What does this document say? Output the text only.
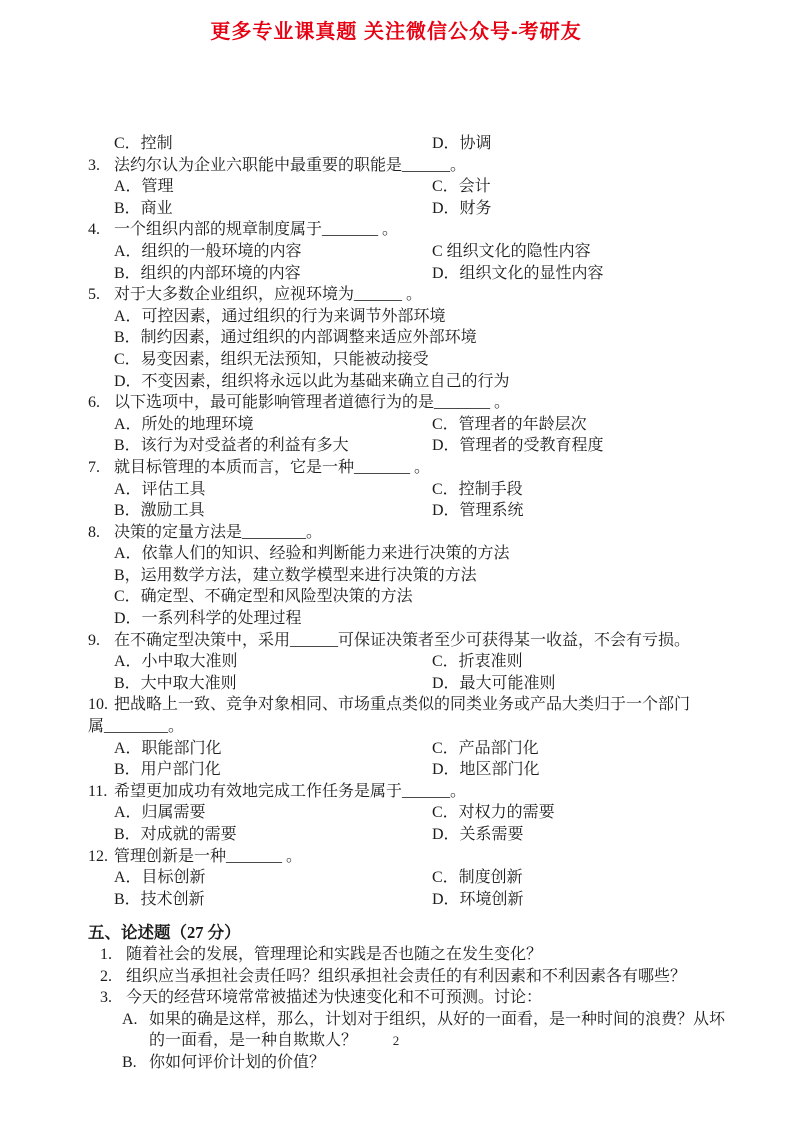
更多专业课真题 关注微信公众号-考研友
C．控制	D．协调
3. 法约尔认为企业六职能中最重要的职能是______。
A．管理	C．会计
B．商业	D．财务
4. 一个组织内部的规章制度属于_______ 。
A．组织的一般环境的内容	C 组织文化的隐性内容
B．组织的内部环境的内容	D．组织文化的显性内容
5. 对于大多数企业组织，应视环境为______ 。
A．可控因素，通过组织的行为来调节外部环境
B．制约因素，通过组织的内部调整来适应外部环境
C．易变因素，组织无法预知，只能被动接受
D．不变因素，组织将永远以此为基础来确立自己的行为
6. 以下选项中，最可能影响管理者道德行为的是_______ 。
A．所处的地理环境	C．管理者的年龄层次
B．该行为对受益者的利益有多大	D．管理者的受教育程度
7. 就目标管理的本质而言，它是一种_______ 。
A．评估工具	C．控制手段
B．激励工具	D．管理系统
8. 决策的定量方法是________。
A．依靠人们的知识、经验和判断能力来进行决策的方法
B，运用数学方法，建立数学模型来进行决策的方法
C．确定型、不确定型和风险型决策的方法
D．一系列科学的处理过程
9. 在不确定型决策中，采用______可保证决策者至少可获得某一收益，不会有亏损。
A．小中取大准则	C．折衷准则
B．大中取大准则	D．最大可能准则
10. 把战略上一致、竞争对象相同、市场重点类似的同类业务或产品大类归于一个部门属________。
A．职能部门化	C．产品部门化
B．用户部门化	D．地区部门化
11. 希望更加成功有效地完成工作任务是属于______。
A．归属需要	C．对权力的需要
B．对成就的需要	D．关系需要
12. 管理创新是一种_______ 。
A．目标创新	C．制度创新
B．技术创新	D．环境创新
五、论述题（27 分）
1. 随着社会的发展，管理理论和实践是否也随之在发生变化？
2. 组织应当承担社会责任吗？组织承担社会责任的有利因素和不利因素各有哪些？
3. 今天的经营环境常常被描述为快速变化和不可预测。讨论：
A. 如果的确是这样，那么，计划对于组织，从好的一面看，是一种时间的浪费？从坏的一面看，是一种自欺欺人？
B. 你如何评价计划的价值？
2
